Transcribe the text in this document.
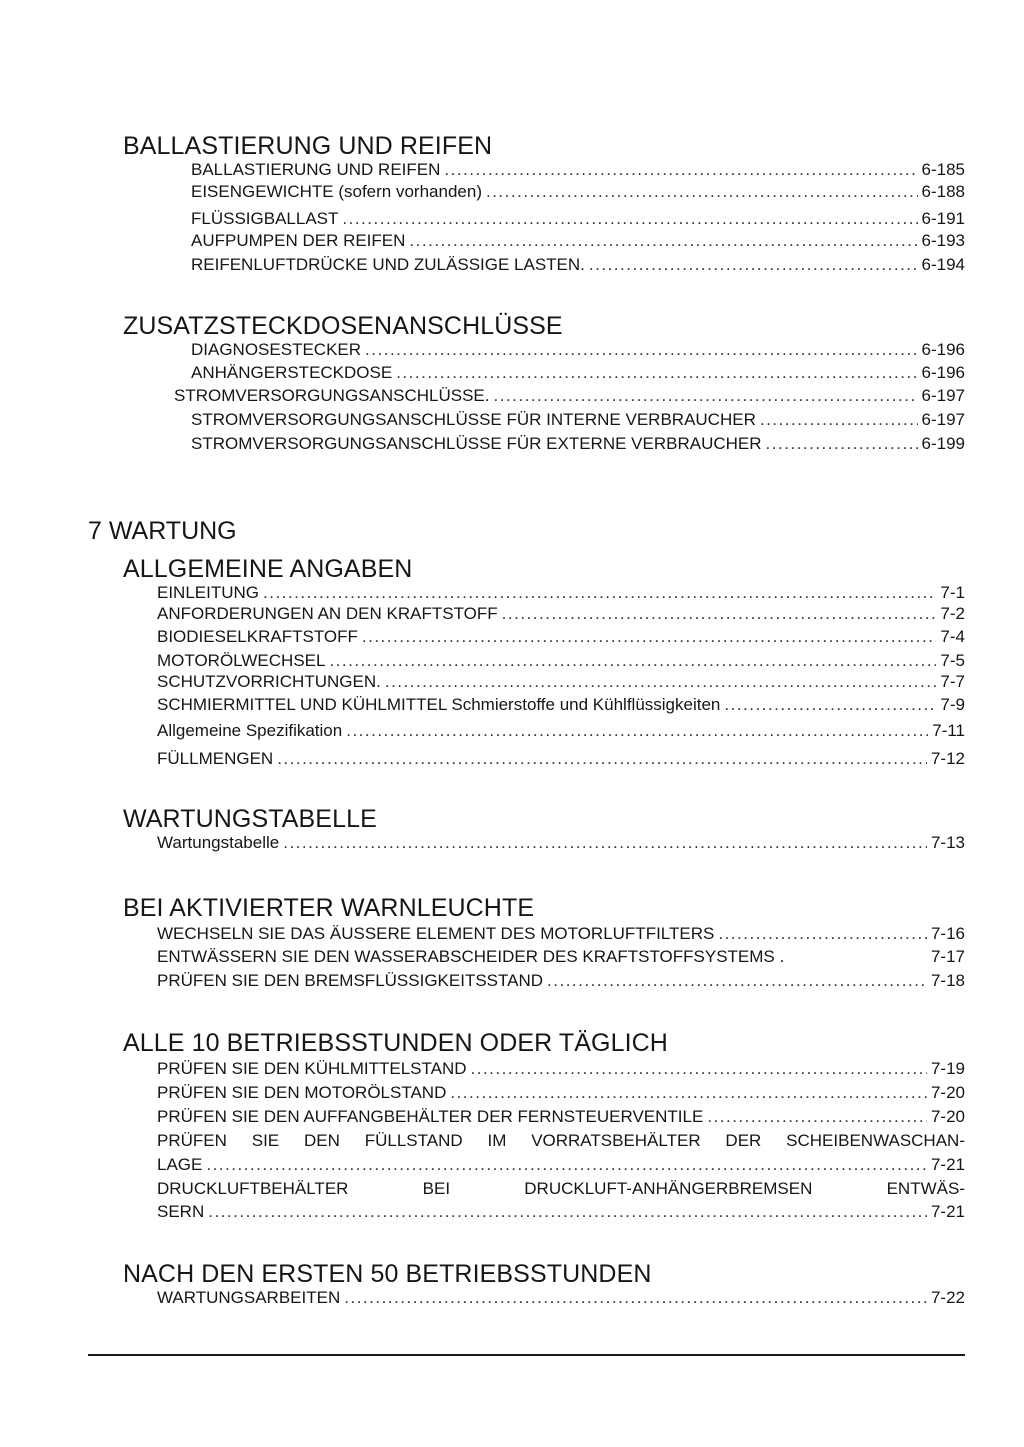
BALLASTIERUNG UND REIFEN
BALLASTIERUNG UND REIFEN .....	6-185
EISENGEWICHTE (sofern vorhanden) .....	6-188
FLÜSSIGBALLAST .....	6-191
AUFPUMPEN DER REIFEN .....	6-193
REIFENLUFTDRÜCKE UND ZULÄSSIGE LASTEN. .....	6-194
ZUSATZSTECKDOSENANSCHLÜSSE
DIAGNOSESTECKER .....	6-196
ANHÄNGERSTECKDOSE .....	6-196
STROMVERSORGUNGSANSCHLÜSSE. .....	6-197
STROMVERSORGUNGSANSCHLÜSSE FÜR INTERNE VERBRAUCHER .....	6-197
STROMVERSORGUNGSANSCHLÜSSE FÜR EXTERNE VERBRAUCHER .....	6-199
7 WARTUNG
ALLGEMEINE ANGABEN
EINLEITUNG .....	7-1
ANFORDERUNGEN AN DEN KRAFTSTOFF .....	7-2
BIODIESELKRAFTSTOFF .....	7-4
MOTORÖLWECHSEL .....	7-5
SCHUTZVORRICHTUNGEN. .....	7-7
SCHMIERMITTEL UND KÜHLMITTEL Schmierstoffe und Kühlflüssigkeiten .....	7-9
Allgemeine Spezifikation .....	7-11
FÜLLMENGEN .....	7-12
WARTUNGSTABELLE
Wartungstabelle .....	7-13
BEI AKTIVIERTER WARNLEUCHTE
WECHSELN SIE DAS ÄUSSERE ELEMENT DES MOTORLUFTFILTERS .....	7-16
ENTWÄSSERN SIE DEN WASSERABSCHEIDER DES KRAFTSTOFFSYSTEMS .	7-17
PRÜFEN SIE DEN BREMSFLÜSSIGKEITSSTAND .....	7-18
ALLE 10 BETRIEBSSTUNDEN ODER TÄGLICH
PRÜFEN SIE DEN KÜHLMITTELSTAND .....	7-19
PRÜFEN SIE DEN MOTORÖLSTAND .....	7-20
PRÜFEN SIE DEN AUFFANGBEHÄLTER DER FERNSTEUERVENTILE .....	7-20
PRÜFEN SIE DEN FÜLLSTAND IM VORRATSBEHÄLTER DER SCHEIBENWASCHAN-
LAGE .....	7-21
DRUCKLUFTBEHÄLTER	BEI	DRUCKLUFT-ANHÄNGERBREMSEN	ENTWÄS-
SERN .....	7-21
NACH DEN ERSTEN 50 BETRIEBSSTUNDEN
WARTUNGSARBEITEN .....	7-22
